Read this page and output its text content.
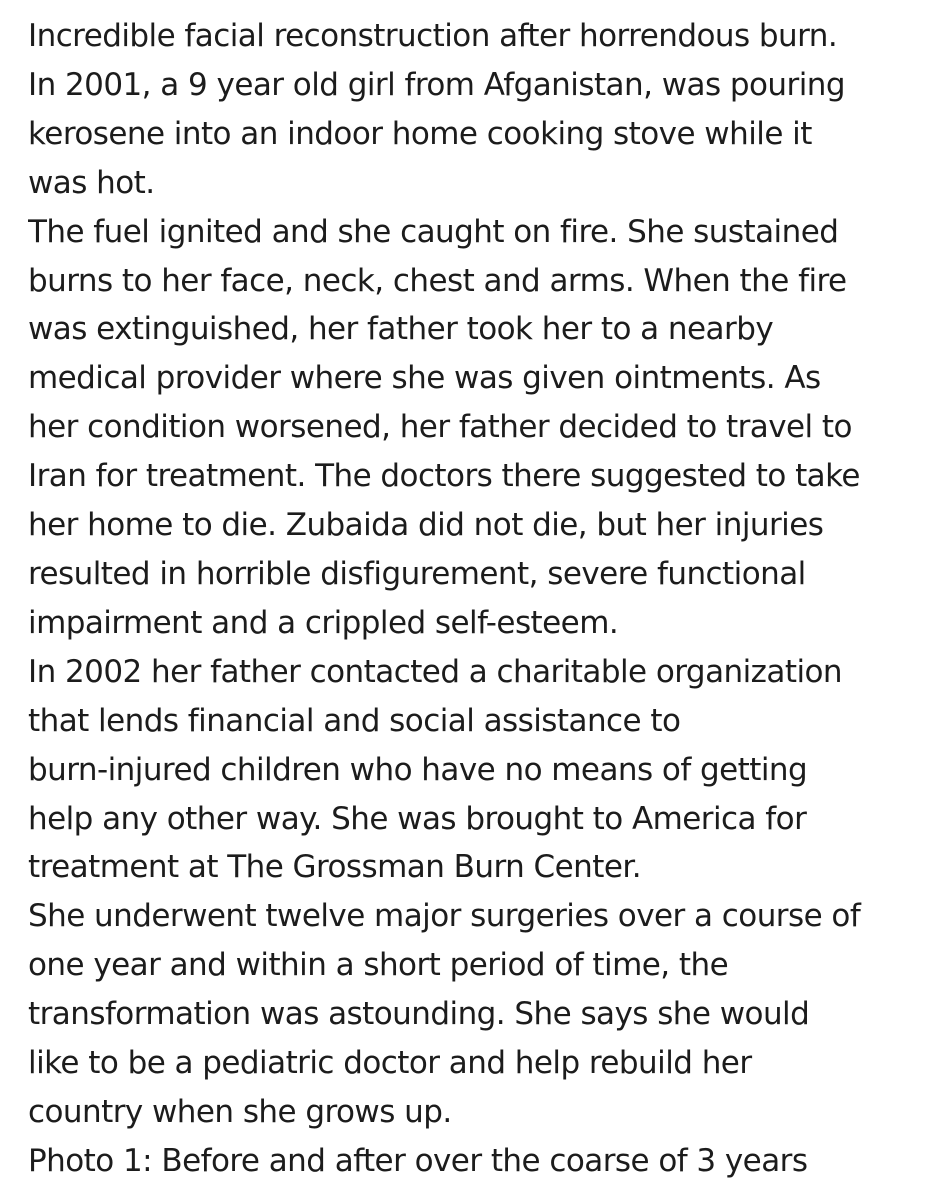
Incredible facial reconstruction after horrendous burn.
In 2001, a 9 year old girl from Afganistan, was pouring
kerosene into an indoor home cooking stove while it
was hot.
The fuel ignited and she caught on fire. She sustained
burns to her face, neck, chest and arms. When the fire
was extinguished, her father took her to a nearby
medical provider where she was given ointments. As
her condition worsened, her father decided to travel to
Iran for treatment. The doctors there suggested to take
her home to die. Zubaida did not die, but her injuries
resulted in horrible disfigurement, severe functional
impairment and a crippled self-esteem.
In 2002 her father contacted a charitable organization
that lends financial and social assistance to
burn-injured children who have no means of getting
help any other way. She was brought to America for
treatment at The Grossman Burn Center.
She underwent twelve major surgeries over a course of
one year and within a short period of time, the
transformation was astounding. She says she would
like to be a pediatric doctor and help rebuild her
country when she grows up.
Photo 1: Before and after over the coarse of 3 years
